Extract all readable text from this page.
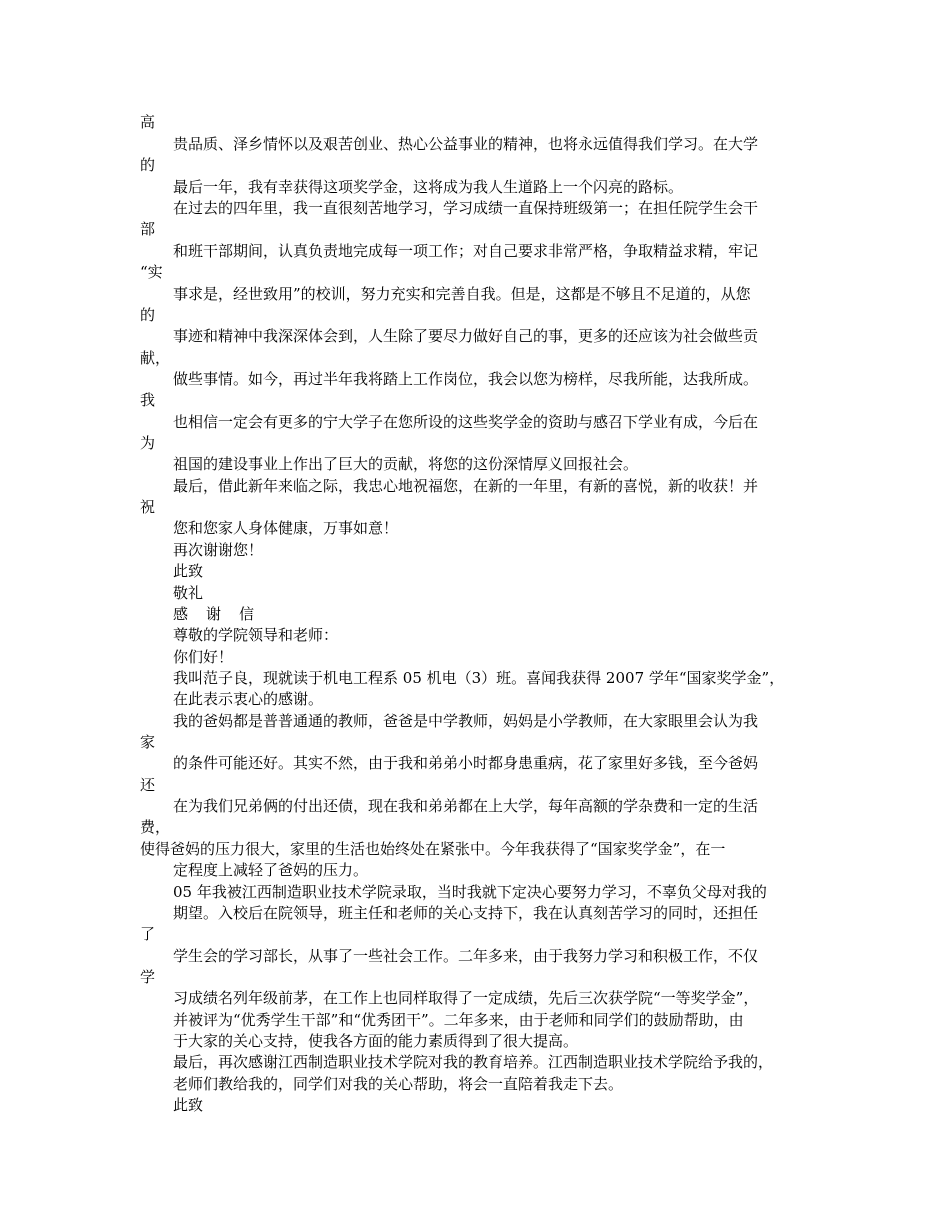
高
贵品质、泽乡情怀以及艰苦创业、热心公益事业的精神，也将永远值得我们学习。在大学
的
最后一年，我有幸获得这项奖学金，这将成为我人生道路上一个闪亮的路标。
在过去的四年里，我一直很刻苦地学习，学习成绩一直保持班级第一；在担任院学生会干
部
和班干部期间，认真负责地完成每一项工作；对自己要求非常严格，争取精益求精，牢记
“实
事求是，经世致用”的校训，努力充实和完善自我。但是，这都是不够且不足道的，从您
的
事迹和精神中我深深体会到，人生除了要尽力做好自己的事，更多的还应该为社会做些贡
献，
做些事情。如今，再过半年我将踏上工作岗位，我会以您为榜样，尽我所能，达我所成。
我
也相信一定会有更多的宁大学子在您所设的这些奖学金的资助与感召下学业有成，今后在
为
祖国的建设事业上作出了巨大的贡献，将您的这份深情厚义回报社会。
最后，借此新年来临之际，我忠心地祝福您，在新的一年里，有新的喜悦，新的收获！并
祝
您和您家人身体健康，万事如意！
再次谢谢您！
此致
敬礼
感谢信
尊敬的学院领导和老师：
你们好！
我叫范子良，现就读于机电工程系 05 机电（3）班。喜闻我获得 2007 学年“国家奖学金”，
在此表示衷心的感谢。
我的爸妈都是普普通通的教师，爸爸是中学教师，妈妈是小学教师，在大家眼里会认为我
家
的条件可能还好。其实不然，由于我和弟弟小时都身患重病，花了家里好多钱，至今爸妈
还
在为我们兄弟俩的付出还债，现在我和弟弟都在上大学，每年高额的学杂费和一定的生活
费，
使得爸妈的压力很大，家里的生活也始终处在紧张中。今年我获得了“国家奖学金”，在一
定程度上减轻了爸妈的压力。
05 年我被江西制造职业技术学院录取，当时我就下定决心要努力学习，不辜负父母对我的
期望。入校后在院领导，班主任和老师的关心支持下，我在认真刻苦学习的同时，还担任
了
学生会的学习部长，从事了一些社会工作。二年多来，由于我努力学习和积极工作，不仅
学
习成绩名列年级前茅，在工作上也同样取得了一定成绩，先后三次获学院“一等奖学金”，
并被评为“优秀学生干部”和“优秀团干”。二年多来，由于老师和同学们的鼓励帮助，由
于大家的关心支持，使我各方面的能力素质得到了很大提高。
最后，再次感谢江西制造职业技术学院对我的教育培养。江西制造职业技术学院给予我的，
老师们教给我的，同学们对我的关心帮助，将会一直陪着我走下去。
此致
